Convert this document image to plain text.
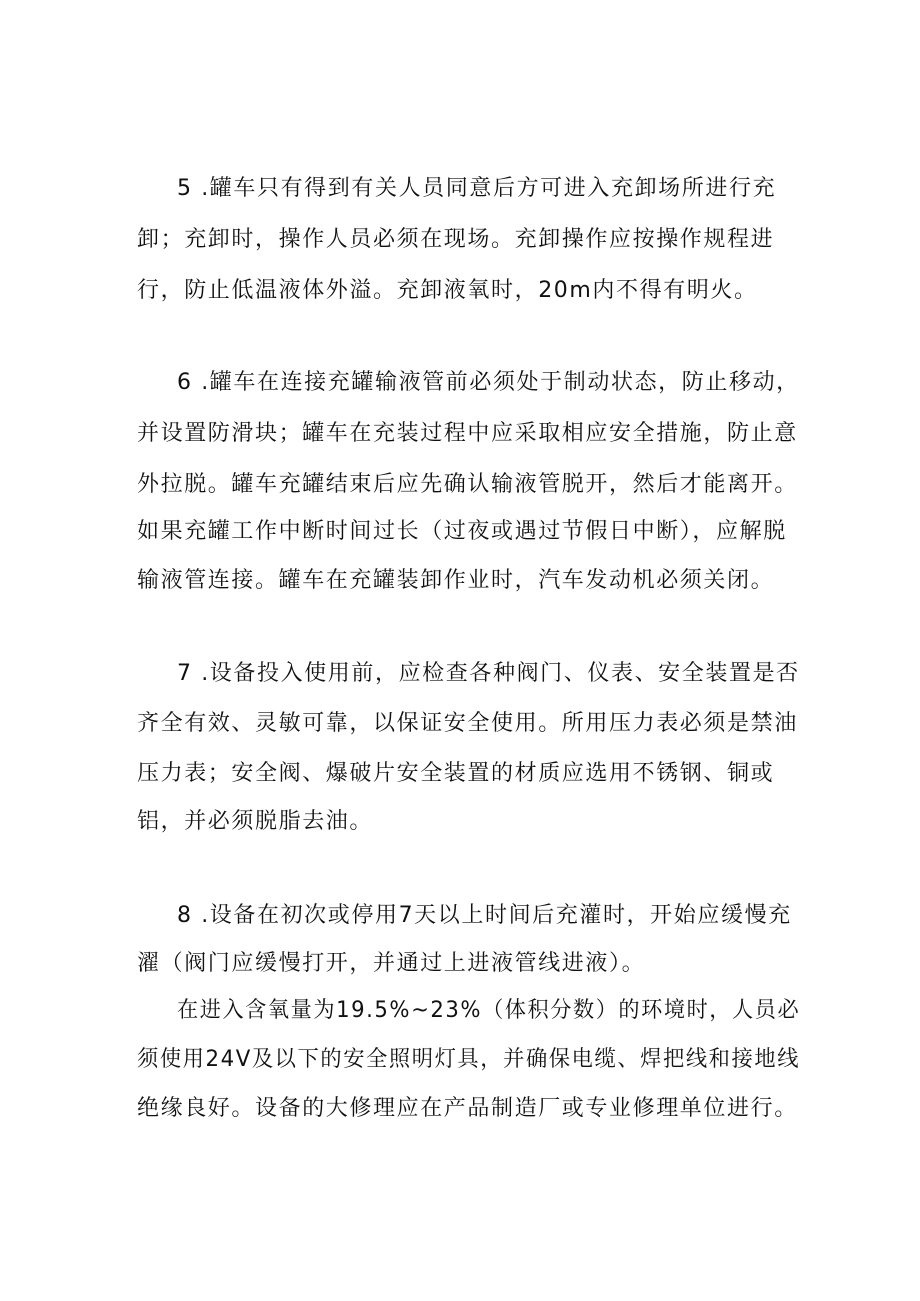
5 .罐车只有得到有关人员同意后方可进入充卸场所进行充
卸；充卸时，操作人员必须在现场。充卸操作应按操作规程进
行，防止低温液体外溢。充卸液氧时，20m内不得有明火。
6 .罐车在连接充罐输液管前必须处于制动状态，防止移动，
并设置防滑块；罐车在充装过程中应采取相应安全措施，防止意
外拉脱。罐车充罐结束后应先确认输液管脱开，然后才能离开。
如果充罐工作中断时间过长（过夜或遇过节假日中断），应解脱
输液管连接。罐车在充罐装卸作业时，汽车发动机必须关闭。
7 .设备投入使用前，应检查各种阀门、仪表、安全装置是否
齐全有效、灵敏可靠，以保证安全使用。所用压力表必须是禁油
压力表；安全阀、爆破片安全装置的材质应选用不锈钢、铜或
铝，并必须脱脂去油。
8 .设备在初次或停用7天以上时间后充灌时，开始应缓慢充
濯（阀门应缓慢打开，并通过上进液管线进液）。
在进入含氧量为19.5%~23%（体积分数）的环境时，人员必
须使用24V及以下的安全照明灯具，并确保电缆、焊把线和接地线
绝缘良好。设备的大修理应在产品制造厂或专业修理单位进行。
